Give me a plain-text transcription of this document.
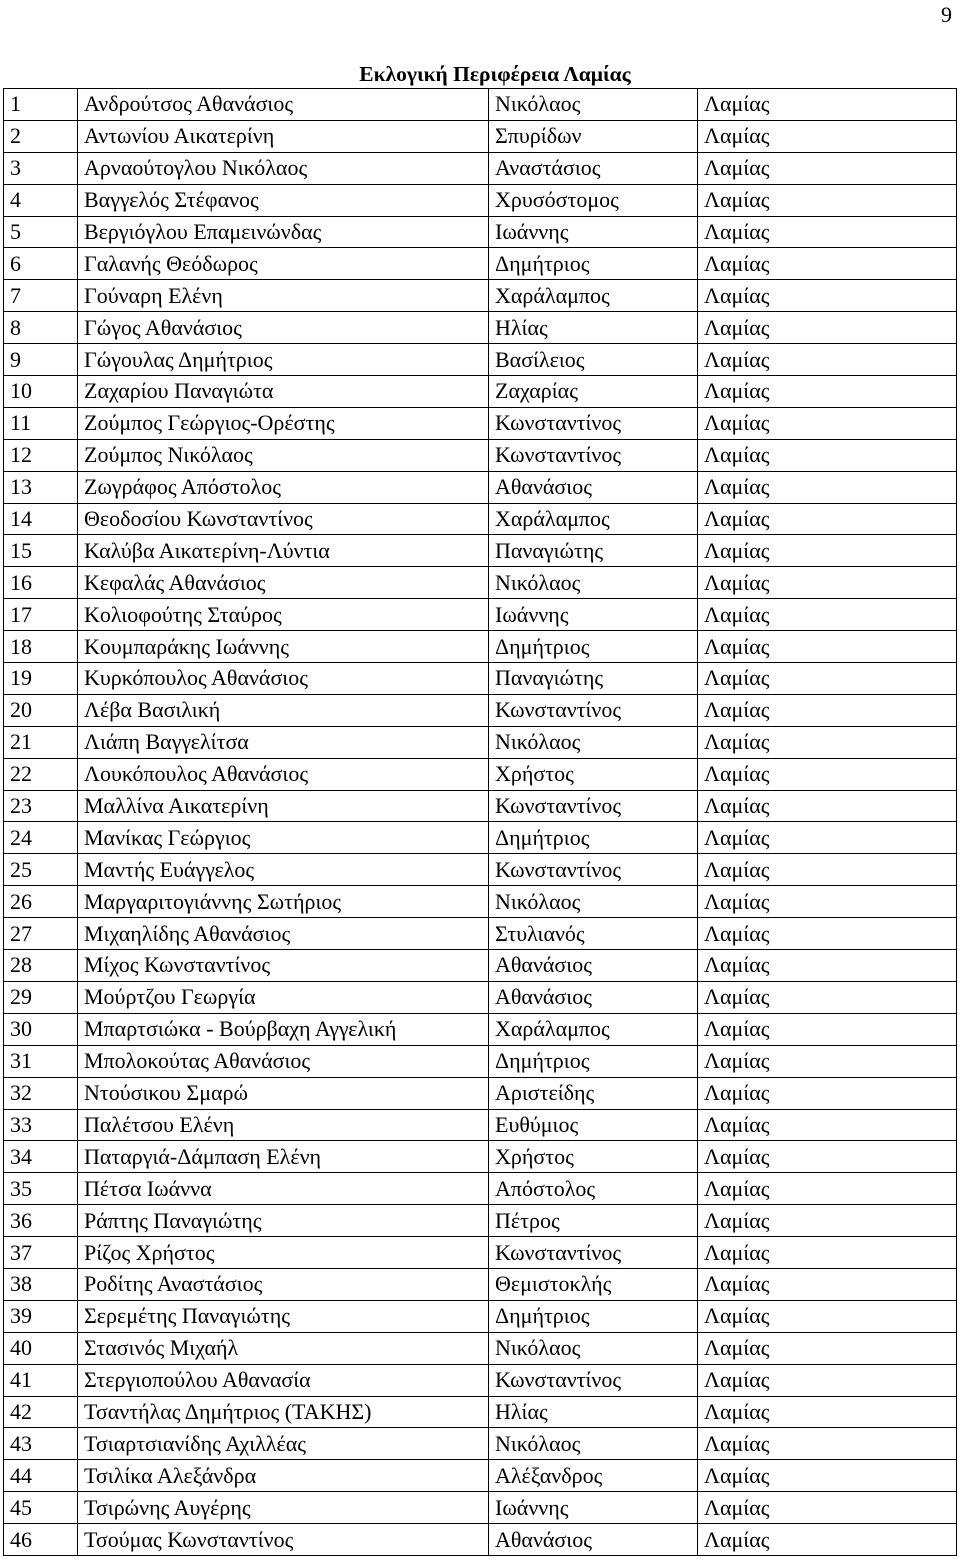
9
Εκλογική Περιφέρεια Λαμίας
1	Ανδρούτσος Αθανάσιος	Νικόλαος	Λαμίας
2	Αντωνίου Αικατερίνη	Σπυρίδων	Λαμίας
3	Αρναούτογλου Νικόλαος	Αναστάσιος	Λαμίας
4	Βαγγελός Στέφανος	Χρυσόστομος	Λαμίας
5	Βεργιόγλου Επαμεινώνδας	Ιωάννης	Λαμίας
6	Γαλανής Θεόδωρος	Δημήτριος	Λαμίας
7	Γούναρη Ελένη	Χαράλαμπος	Λαμίας
8	Γώγος Αθανάσιος	Ηλίας	Λαμίας
9	Γώγουλας Δημήτριος	Βασίλειος	Λαμίας
10	Ζαχαρίου Παναγιώτα	Ζαχαρίας	Λαμίας
11	Ζούμπος Γεώργιος-Ορέστης	Κωνσταντίνος	Λαμίας
12	Ζούμπος Νικόλαος	Κωνσταντίνος	Λαμίας
13	Ζωγράφος Απόστολος	Αθανάσιος	Λαμίας
14	Θεοδοσίου Κωνσταντίνος	Χαράλαμπος	Λαμίας
15	Καλύβα Αικατερίνη-Λύντια	Παναγιώτης	Λαμίας
16	Κεφαλάς Αθανάσιος	Νικόλαος	Λαμίας
17	Κολιοφούτης Σταύρος	Ιωάννης	Λαμίας
18	Κουμπαράκης Ιωάννης	Δημήτριος	Λαμίας
19	Κυρκόπουλος Αθανάσιος	Παναγιώτης	Λαμίας
20	Λέβα Βασιλική	Κωνσταντίνος	Λαμίας
21	Λιάπη Βαγγελίτσα	Νικόλαος	Λαμίας
22	Λουκόπουλος Αθανάσιος	Χρήστος	Λαμίας
23	Μαλλίνα Αικατερίνη	Κωνσταντίνος	Λαμίας
24	Μανίκας Γεώργιος	Δημήτριος	Λαμίας
25	Μαντής Ευάγγελος	Κωνσταντίνος	Λαμίας
26	Μαργαριτογιάννης Σωτήριος	Νικόλαος	Λαμίας
27	Μιχαηλίδης Αθανάσιος	Στυλιανός	Λαμίας
28	Μίχος Κωνσταντίνος	Αθανάσιος	Λαμίας
29	Μούρτζου Γεωργία	Αθανάσιος	Λαμίας
30	Μπαρτσιώκα - Βούρβαχη Αγγελική	Χαράλαμπος	Λαμίας
31	Μπολοκούτας Αθανάσιος	Δημήτριος	Λαμίας
32	Ντούσικου Σμαρώ	Αριστείδης	Λαμίας
33	Παλέτσου Ελένη	Ευθύμιος	Λαμίας
34	Παταργιά-Δάμπαση Ελένη	Χρήστος	Λαμίας
35	Πέτσα Ιωάννα	Απόστολος	Λαμίας
36	Ράπτης Παναγιώτης	Πέτρος	Λαμίας
37	Ρίζος Χρήστος	Κωνσταντίνος	Λαμίας
38	Ροδίτης Αναστάσιος	Θεμιστοκλής	Λαμίας
39	Σερεμέτης Παναγιώτης	Δημήτριος	Λαμίας
40	Στασινός Μιχαήλ	Νικόλαος	Λαμίας
41	Στεργιοπούλου Αθανασία	Κωνσταντίνος	Λαμίας
42	Τσαντήλας Δημήτριος (ΤΑΚΗΣ)	Ηλίας	Λαμίας
43	Τσιαρτσιανίδης Αχιλλέας	Νικόλαος	Λαμίας
44	Τσιλίκα Αλεξάνδρα	Αλέξανδρος	Λαμίας
45	Τσιρώνης Αυγέρης	Ιωάννης	Λαμίας
46	Τσούμας Κωνσταντίνος	Αθανάσιος	Λαμίας
